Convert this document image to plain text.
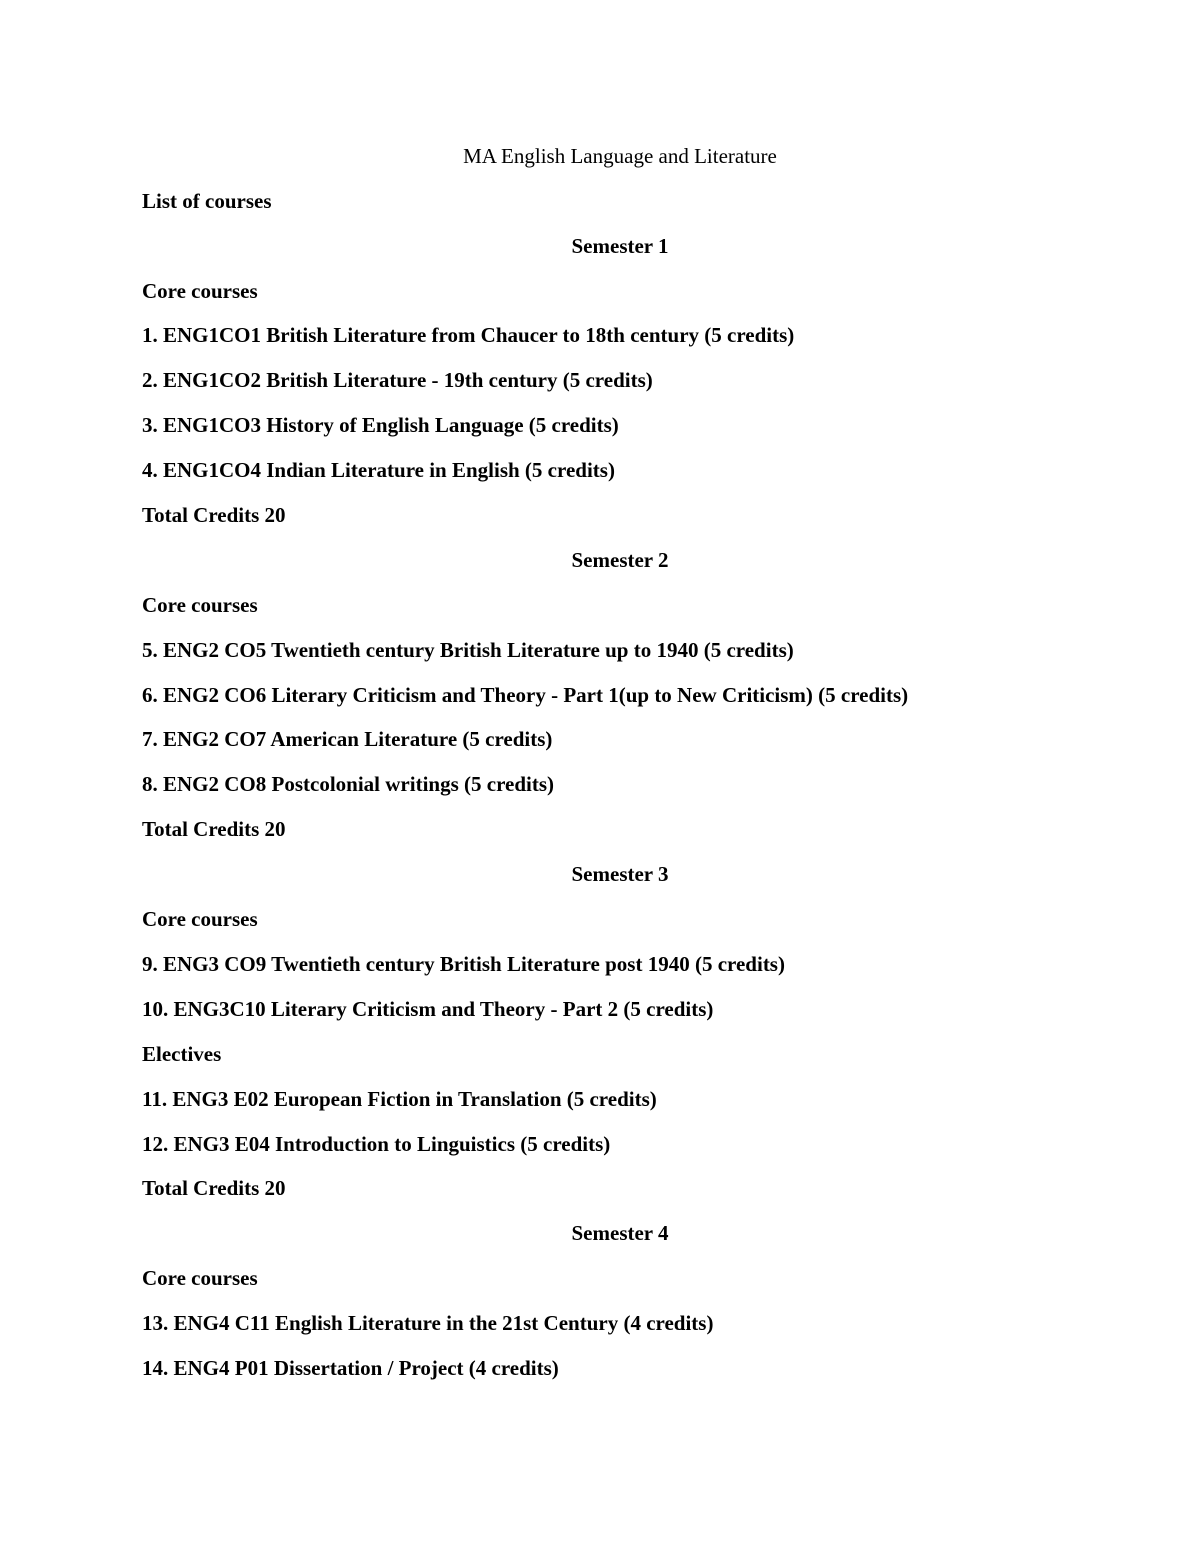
MA English Language and Literature

List of courses

Semester 1

Core courses

1. ENG1CO1 British Literature from Chaucer to 18th century (5 credits)

2. ENG1CO2 British Literature - 19th century (5 credits)

3. ENG1CO3 History of English Language (5 credits)

4. ENG1CO4 Indian Literature in English (5 credits)

Total Credits 20

Semester 2

Core courses

5. ENG2 CO5 Twentieth century British Literature up to 1940 (5 credits)

6. ENG2 CO6 Literary Criticism and Theory - Part 1(up to New Criticism) (5 credits)

7. ENG2 CO7 American Literature (5 credits)

8. ENG2 CO8 Postcolonial writings (5 credits)

Total Credits 20

Semester 3

Core courses

9. ENG3 CO9 Twentieth century British Literature post 1940 (5 credits)

10. ENG3C10 Literary Criticism and Theory - Part 2 (5 credits)

Electives

11. ENG3 E02 European Fiction in Translation (5 credits)

12. ENG3 E04 Introduction to Linguistics (5 credits)

Total Credits 20

Semester 4

Core courses

13. ENG4 C11 English Literature in the 21st Century (4 credits)

14. ENG4 P01 Dissertation / Project (4 credits)
